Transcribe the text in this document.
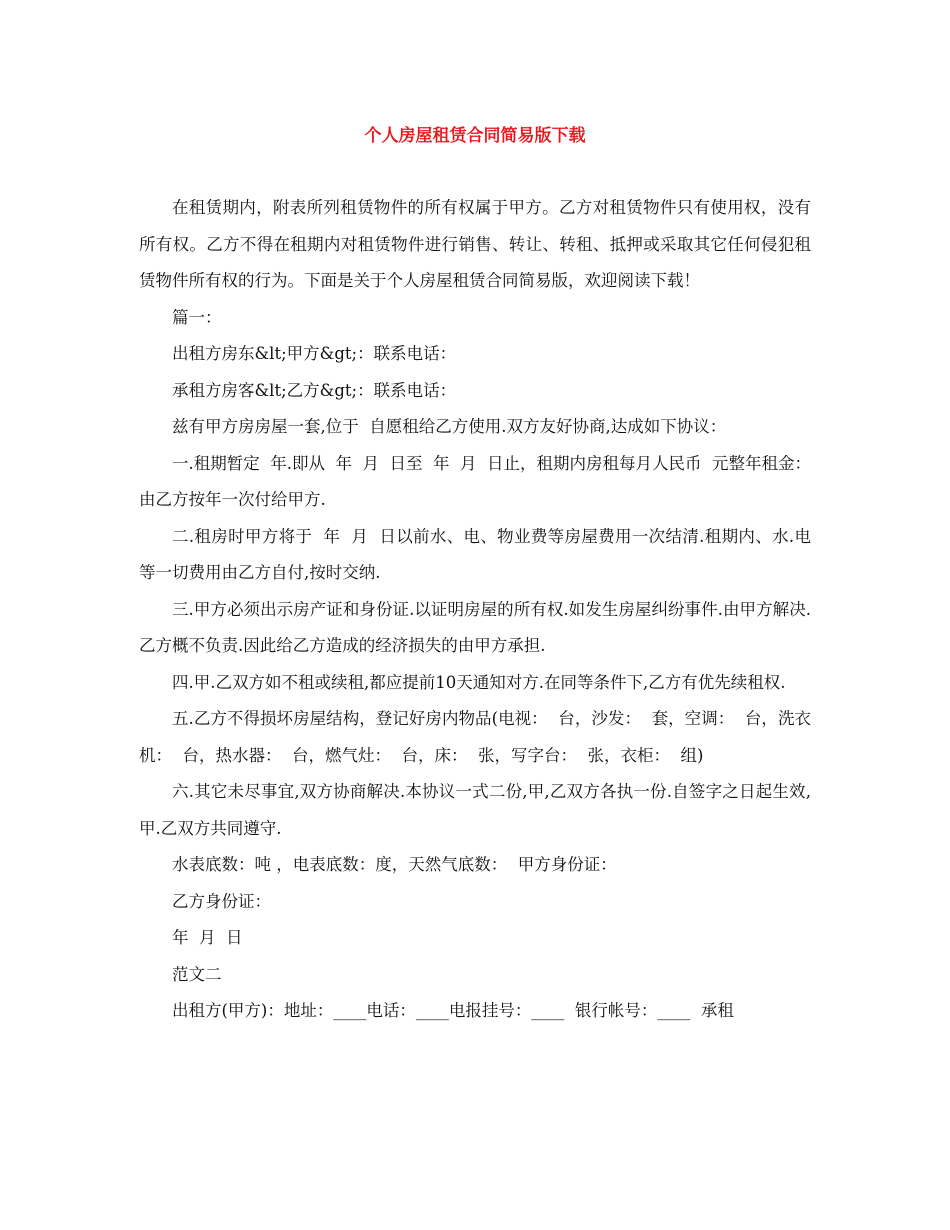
个人房屋租赁合同简易版下载

在租赁期内，附表所列租赁物件的所有权属于甲方。乙方对租赁物件只有使用权，没有所有权。乙方不得在租期内对租赁物件进行销售、转让、转租、抵押或采取其它任何侵犯租赁物件所有权的行为。下面是关于个人房屋租赁合同简易版，欢迎阅读下载！

篇一：

出租方房东&lt;甲方&gt;：联系电话：

承租方房客&lt;乙方&gt;：联系电话：

兹有甲方房房屋一套,位于  自愿租给乙方使用.双方友好协商,达成如下协议：

一.租期暂定  年.即从  年  月  日至  年  月  日止，租期内房租每月人民币  元整年租金：由乙方按年一次付给甲方.

二.租房时甲方将于  年  月  日以前水、电、物业费等房屋费用一次结清.租期内、水.电等一切费用由乙方自付,按时交纳.

三.甲方必须出示房产证和身份证.以证明房屋的所有权.如发生房屋纠纷事件.由甲方解决.乙方概不负责.因此给乙方造成的经济损失的由甲方承担.

四.甲.乙双方如不租或续租,都应提前10天通知对方.在同等条件下,乙方有优先续租权.

五.乙方不得损坏房屋结构，登记好房内物品(电视：  台，沙发：  套，空调：  台，洗衣机：  台，热水器：  台，燃气灶：  台，床：  张，写字台：  张，衣柜：  组)

六.其它未尽事宜,双方协商解决.本协议一式二份,甲,乙双方各执一份.自签字之日起生效,甲.乙双方共同遵守.

水表底数：吨 ，电表底数：度，天然气底数：  甲方身份证：

乙方身份证：

年  月  日

范文二

出租方(甲方)：地址：____电话：____电报挂号：____  银行帐号：____  承租
